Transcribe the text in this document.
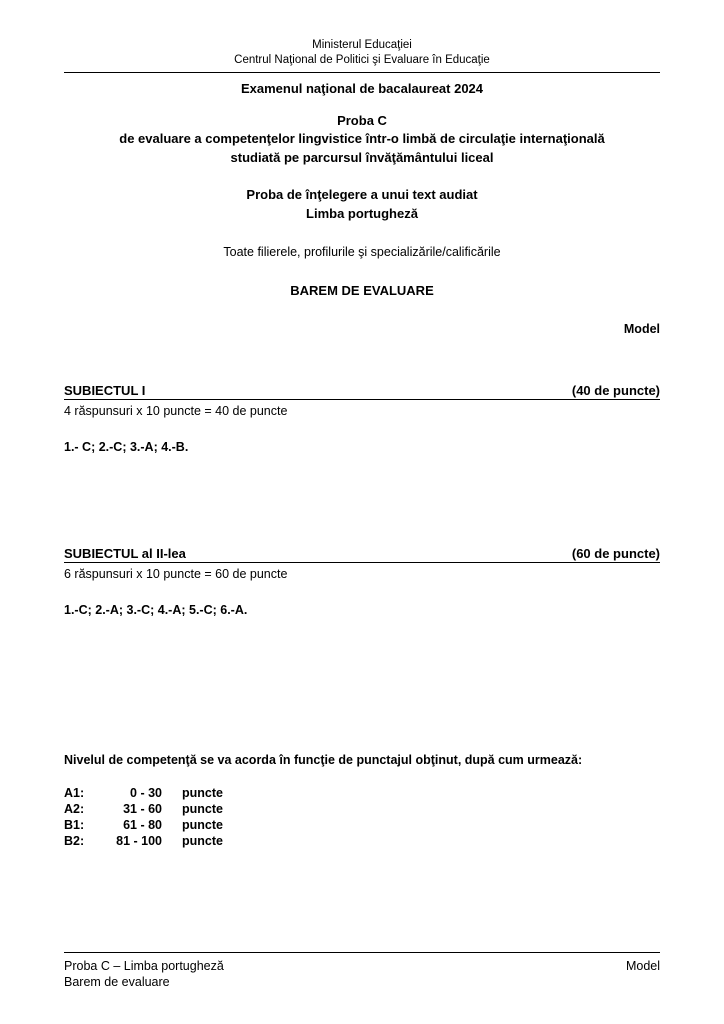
Ministerul Educaţiei
Centrul Naţional de Politici şi Evaluare în Educaţie
Examenul naţional de bacalaureat 2024
Proba C
de evaluare a competenţelor lingvistice într-o limbă de circulaţie internaţională
studiată pe parcursul învăţământului liceal
Proba de înţelegere a unui text audiat
Limba portugheză
Toate filierele, profilurile şi specializările/calificările
BAREM DE EVALUARE
Model
SUBIECTUL I	(40 de puncte)
4 răspunsuri x 10 puncte = 40 de puncte
1.- C; 2.-C; 3.-A; 4.-B.
SUBIECTUL al II-lea	(60 de puncte)
6 răspunsuri x 10 puncte = 60 de puncte
1.-C; 2.-A; 3.-C; 4.-A; 5.-C; 6.-A.
Nivelul de competenţă se va acorda în funcţie de punctajul obţinut, după cum urmează:
A1:	0 - 30	puncte
A2:	31 - 60	puncte
B1:	61 - 80	puncte
B2:	81 - 100	puncte
Proba C – Limba portugheză	Model
Barem de evaluare
